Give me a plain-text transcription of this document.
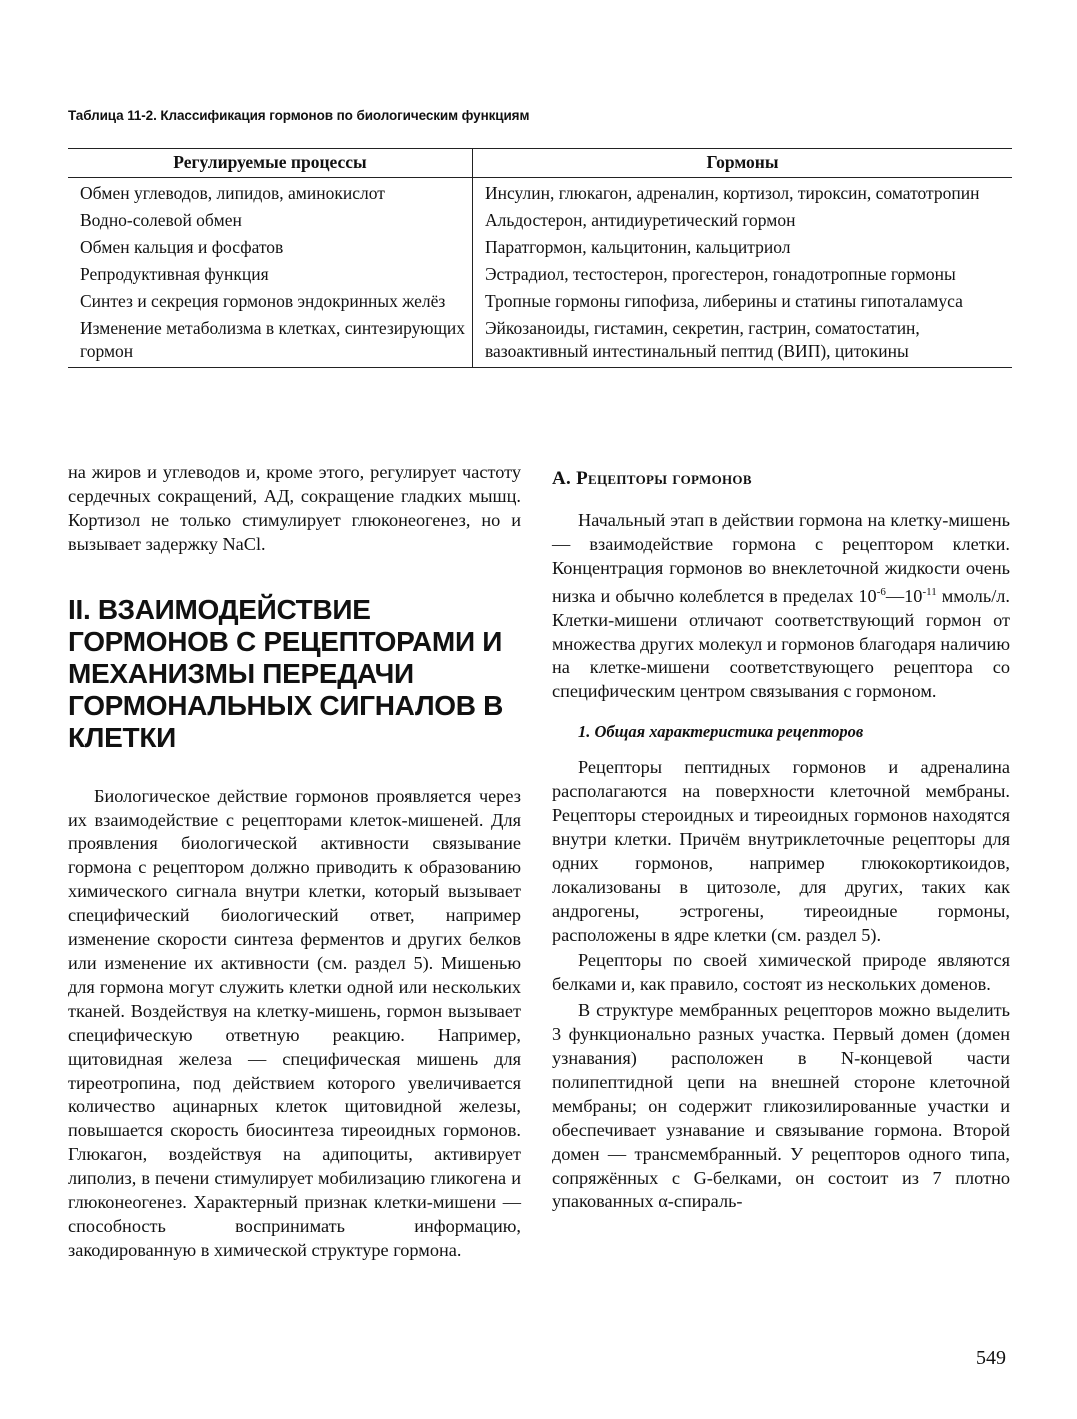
Таблица 11-2. Классификация гормонов по биологическим функциям
Регулируемые процессы	Гормоны
Обмен углеводов, липидов, аминокислот	Инсулин, глюкагон, адреналин, кортизол, тироксин, соматотропин
Водно-солевой обмен	Альдостерон, антидиуретический гормон
Обмен кальция и фосфатов	Паратгормон, кальцитонин, кальцитриол
Репродуктивная функция	Эстрадиол, тестостерон, прогестерон, гонадотропные гормоны
Синтез и секреция гормонов эндокринных желёз	Тропные гормоны гипофиза, либерины и статины гипоталамуса
Изменение метаболизма в клетках, синтезирующих гормон	Эйкозаноиды, гистамин, секретин, гастрин, соматостатин, вазоактивный интестинальный пептид (ВИП), цитокины

на жиров и углеводов и, кроме этого, регулирует частоту сердечных сокращений, АД, сокращение гладких мышц. Кортизол не только стимулирует глюконеогенез, но и вызывает задержку NaCl.

II. ВЗАИМОДЕЙСТВИЕ ГОРМОНОВ С РЕЦЕПТОРАМИ И МЕХАНИЗМЫ ПЕРЕДАЧИ ГОРМОНАЛЬНЫХ СИГНАЛОВ В КЛЕТКИ

Биологическое действие гормонов проявляется через их взаимодействие с рецепторами клеток-мишеней. Для проявления биологической активности связывание гормона с рецептором должно приводить к образованию химического сигнала внутри клетки, который вызывает специфический биологический ответ, например изменение скорости синтеза ферментов и других белков или изменение их активности (см. раздел 5). Мишенью для гормона могут служить клетки одной или нескольких тканей. Воздействуя на клетку-мишень, гормон вызывает специфическую ответную реакцию. Например, щитовидная железа — специфическая мишень для тиреотропина, под действием которого увеличивается количество ацинарных клеток щитовидной железы, повышается скорость биосинтеза тиреоидных гормонов. Глюкагон, воздействуя на адипоциты, активирует липолиз, в печени стимулирует мобилизацию гликогена и глюконеогенез. Характерный признак клетки-мишени — способность воспринимать информацию, закодированную в химической структуре гормона.

А. Рецепторы гормонов

Начальный этап в действии гормона на клетку-мишень — взаимодействие гормона с рецептором клетки. Концентрация гормонов во внеклеточной жидкости очень низка и обычно колеблется в пределах $10^{-6}—10^{-11}$ ммоль/л. Клетки-мишени отличают соответствующий гормон от множества других молекул и гормонов благодаря наличию на клетке-мишени соответствующего рецептора со специфическим центром связывания с гормоном.

1. Общая характеристика рецепторов

Рецепторы пептидных гормонов и адреналина располагаются на поверхности клеточной мембраны. Рецепторы стероидных и тиреоидных гормонов находятся внутри клетки. Причём внутриклеточные рецепторы для одних гормонов, например глюкокортикоидов, локализованы в цитозоле, для других, таких как андрогены, эстрогены, тиреоидные гормоны, расположены в ядре клетки (см. раздел 5).

Рецепторы по своей химической природе являются белками и, как правило, состоят из нескольких доменов.

В структуре мембранных рецепторов можно выделить 3 функционально разных участка. Первый домен (домен узнавания) расположен в N-концевой части полипептидной цепи на внешней стороне клеточной мембраны; он содержит гликозилированные участки и обеспечивает узнавание и связывание гормона. Второй домен — трансмембранный. У рецепторов одного типа, сопряжённых с G-белками, он состоит из 7 плотно упакованных α-спираль-

549
